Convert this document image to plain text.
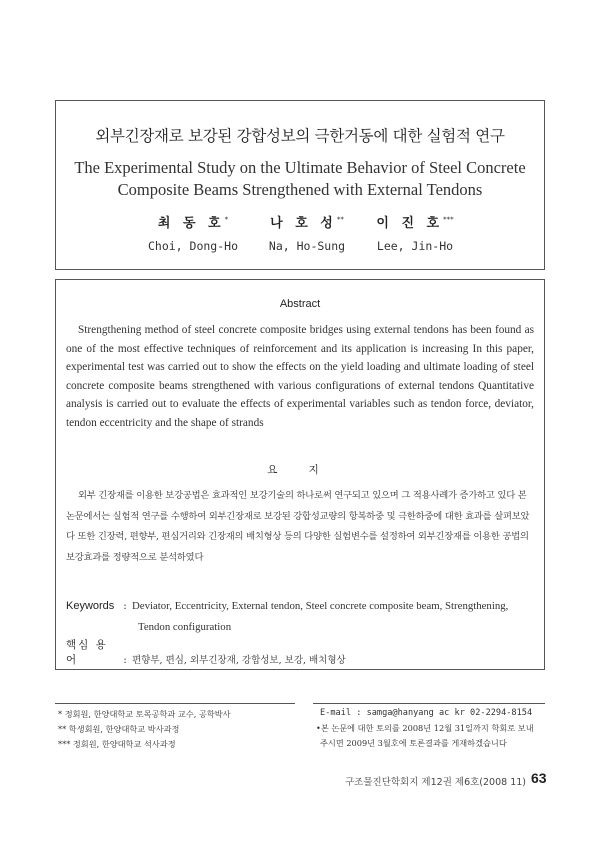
외부긴장재로 보강된 강합성보의 극한거동에 대한 실험적 연구
The Experimental Study on the Ultimate Behavior of Steel Concrete
Composite Beams Strengthened with External Tendons
최 동 호*
Choi, Dong-Ho
나 호 성**
Na, Ho-Sung
이 진 호***
Lee, Jin-Ho
Abstract

Strengthening method of steel concrete composite bridges using external tendons has been found as one of the most effective techniques of reinforcement and its application is increasing In this paper, experimental test was carried out to show the effects on the yield loading and ultimate loading of steel concrete composite beams strengthened with various configurations of external tendons Quantitative analysis is carried out to evaluate the effects of experimental variables such as tendon force, deviator, tendon eccentricity and the shape of strands

요 지

외부 긴장재를 이용한 보강공법은 효과적인 보강기술의 하나로써 연구되고 있으며 그 적용사례가 증가하고 있다 본 논문에서는 실험적 연구를 수행하여 외부긴장재로 보강된 강합성교량의 항복하중 및 극한하중에 대한 효과를 살펴보았다 또한 긴장력, 편향부, 편심거리와 긴장재의 배치형상 등의 다양한 실험변수를 설정하여 외부긴장재를 이용한 공법의 보강효과를 정량적으로 분석하였다

Keywords : Deviator, Eccentricity, External tendon, Steel concrete composite beam, Strengthening,
Tendon configuration
핵심 용어	: 편향부, 편심, 외부긴장재, 강합성보, 보강, 배치형상
* 정회원, 한양대학교 토목공학과 교수, 공학박사
** 학생회원, 한양대학교 박사과정
*** 정회원, 한양대학교 석사과정
E-mail : samga@hanyang ac kr 02-2294-8154
•본 논문에 대한 토의를 2008년 12월 31일까지 학회로 보내
주시면 2009년 3월호에 토론결과를 게재하겠습니다
구조물진단학회지 제12권 제6호(2008 11) 63
